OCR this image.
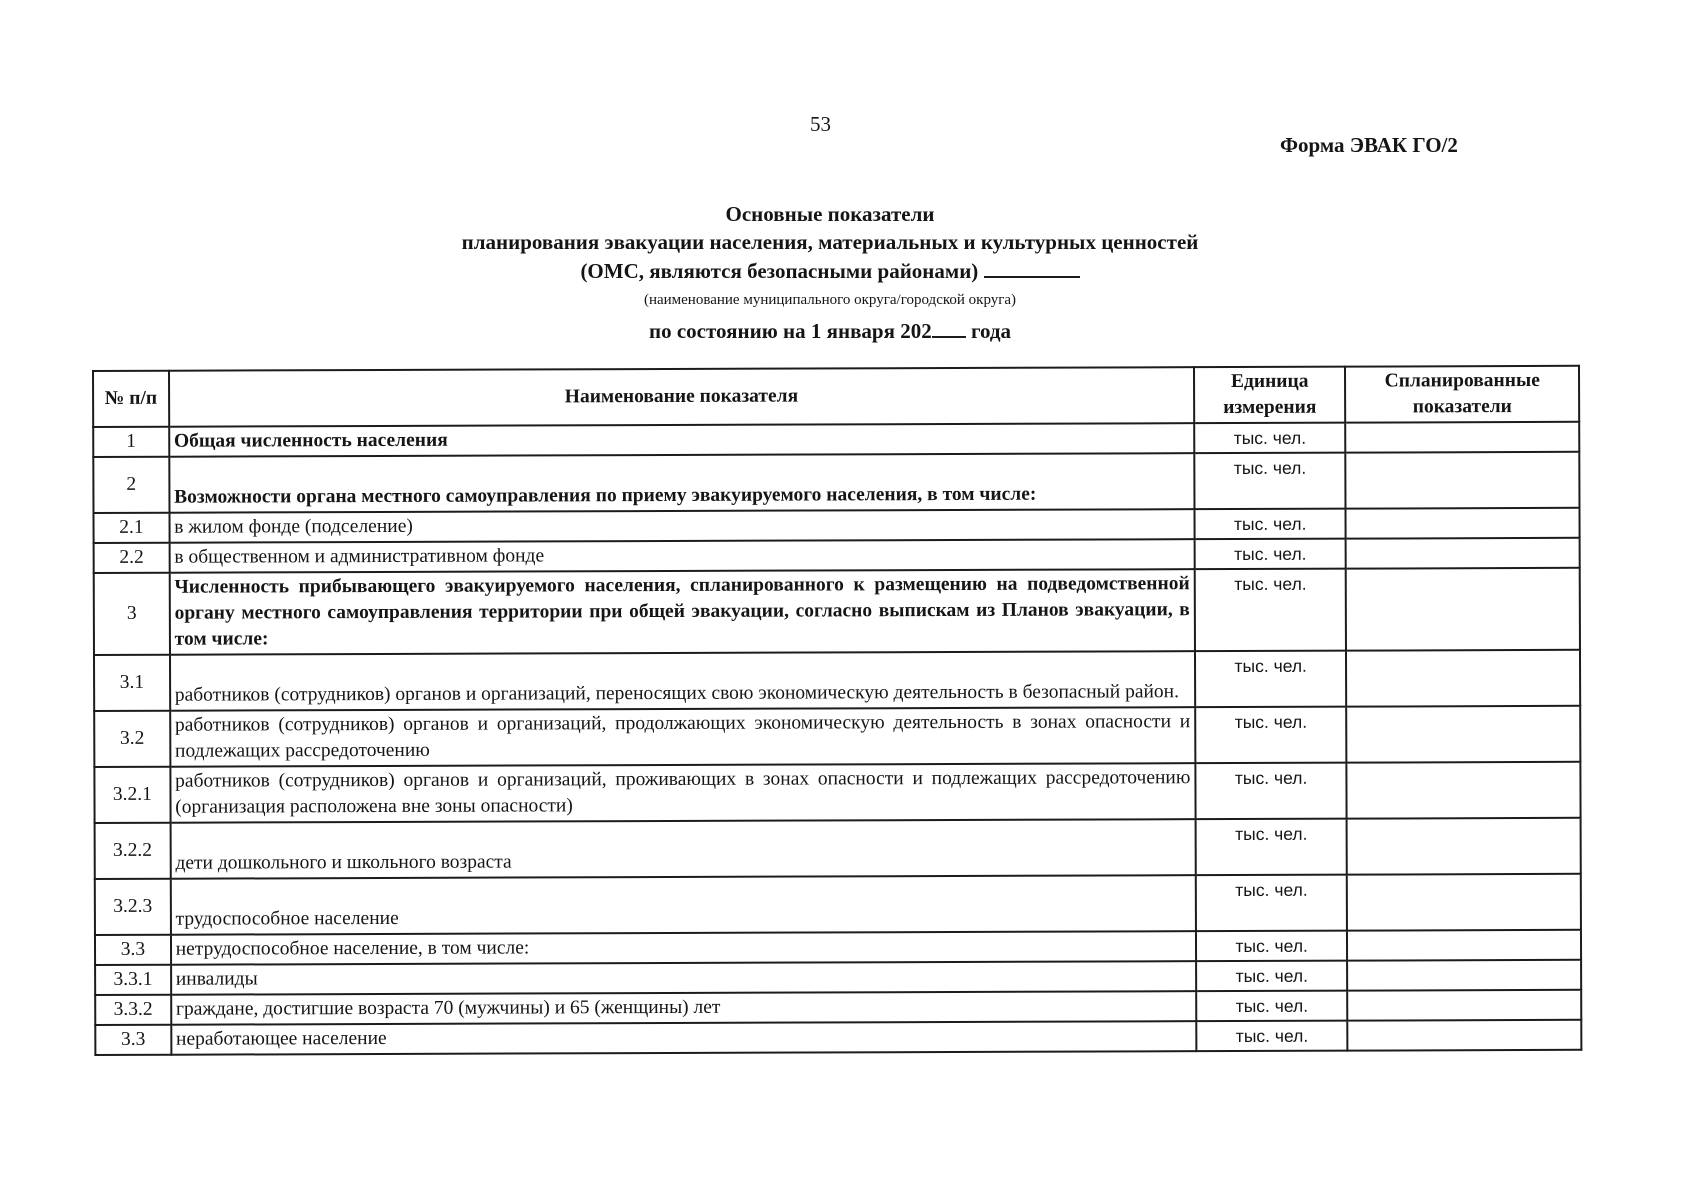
53
Форма ЭВАК ГО/2
Основные показатели
планирования эвакуации населения, материальных и культурных ценностей
(ОМС, являются безопасными районами)
(наименование муниципального округа/городской округа)
по состоянию на 1 января 202 года
№ п/п	Наименование показателя	Единица измерения	Спланированные показатели
1	Общая численность населения	тыс. чел.	
2	Возможности органа местного самоуправления по приему эвакуируемого населения, в том числе:	тыс. чел.	
2.1	в жилом фонде (подселение)	тыс. чел.	
2.2	в общественном и административном фонде	тыс. чел.	
3	Численность прибывающего эвакуируемого населения, спланированного к размещению на подведомственной органу местного самоуправления территории при общей эвакуации, согласно выпискам из Планов эвакуации, в том числе:	тыс. чел.	
3.1	работников (сотрудников) органов и организаций, переносящих свою экономическую деятельность в безопасный район.	тыс. чел.	
3.2	работников (сотрудников) органов и организаций, продолжающих экономическую деятельность в зонах опасности и подлежащих рассредоточению	тыс. чел.	
3.2.1	работников (сотрудников) органов и организаций, проживающих в зонах опасности и подлежащих рассредоточению (организация расположена вне зоны опасности)	тыс. чел.	
3.2.2	дети дошкольного и школьного возраста	тыс. чел.	
3.2.3	трудоспособное население	тыс. чел.	
3.3	нетрудоспособное население, в том числе:	тыс. чел.	
3.3.1	инвалиды	тыс. чел.	
3.3.2	граждане, достигшие возраста 70 (мужчины) и 65 (женщины) лет	тыс. чел.	
3.3	неработающее население	тыс. чел.	
